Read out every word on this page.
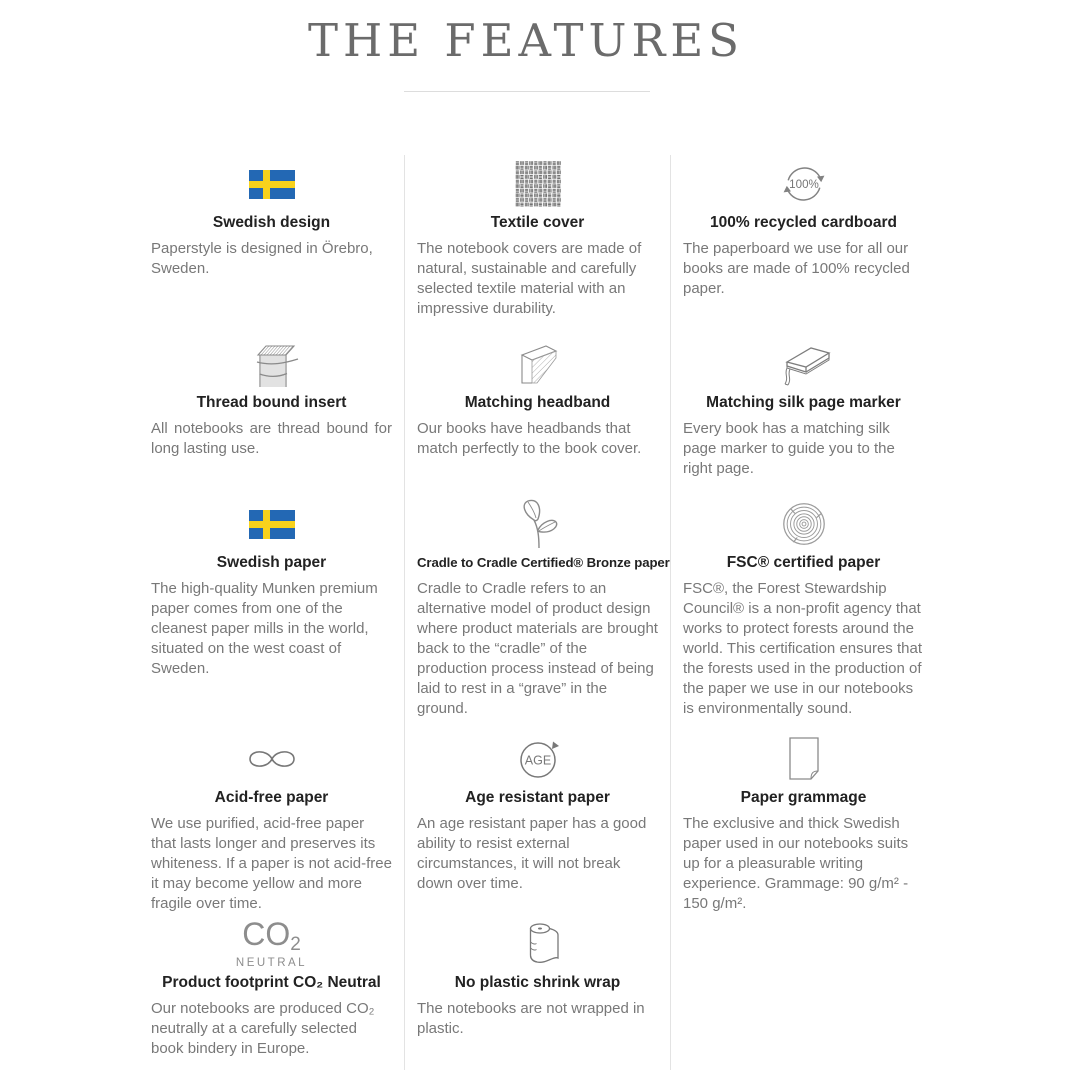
THE FEATURES
Swedish design
Paperstyle is designed in Örebro, Sweden.
Thread bound insert
All notebooks are thread bound for long lasting use.
Swedish paper
The high-quality Munken premium paper comes from one of the cleanest paper mills in the world, situated on the west coast of Sweden.
Acid-free paper
We use purified, acid-free paper that lasts longer and preserves its whiteness. If a paper is not acid-free it may become yellow and more fragile over time.
CO2
NEUTRAL
Product footprint CO₂ Neutral
Our notebooks are produced CO₂ neutrally at a carefully selected book bindery in Europe.
Textile cover
The notebook covers are made of natural, sustainable and carefully selected textile material with an impressive durability.
Matching headband
Our books have headbands that match perfectly to the book cover.
Cradle to Cradle Certified® Bronze paper
Cradle to Cradle refers to an alternative model of product design where product materials are brought back to the “cradle” of the production process instead of being laid to rest in a “grave” in the ground.
AGE
Age resistant paper
An age resistant paper has a good ability to resist external circumstances, it will not break down over time.
No plastic shrink wrap
The notebooks are not wrapped in plastic.
100%
100% recycled cardboard
The paperboard we use for all our books are made of 100% recycled paper.
Matching silk page marker
Every book has a matching silk page marker to guide you to the right page.
FSC® certified paper
FSC®, the Forest Stewardship Council® is a non-profit agency that works to protect forests around the world. This certification ensures that the forests used in the production of the paper we use in our notebooks is environmentally sound.
Paper grammage
The exclusive and thick Swedish paper used in our notebooks suits up for a pleasurable writing experience. Grammage: 90 g/m² - 150 g/m².
